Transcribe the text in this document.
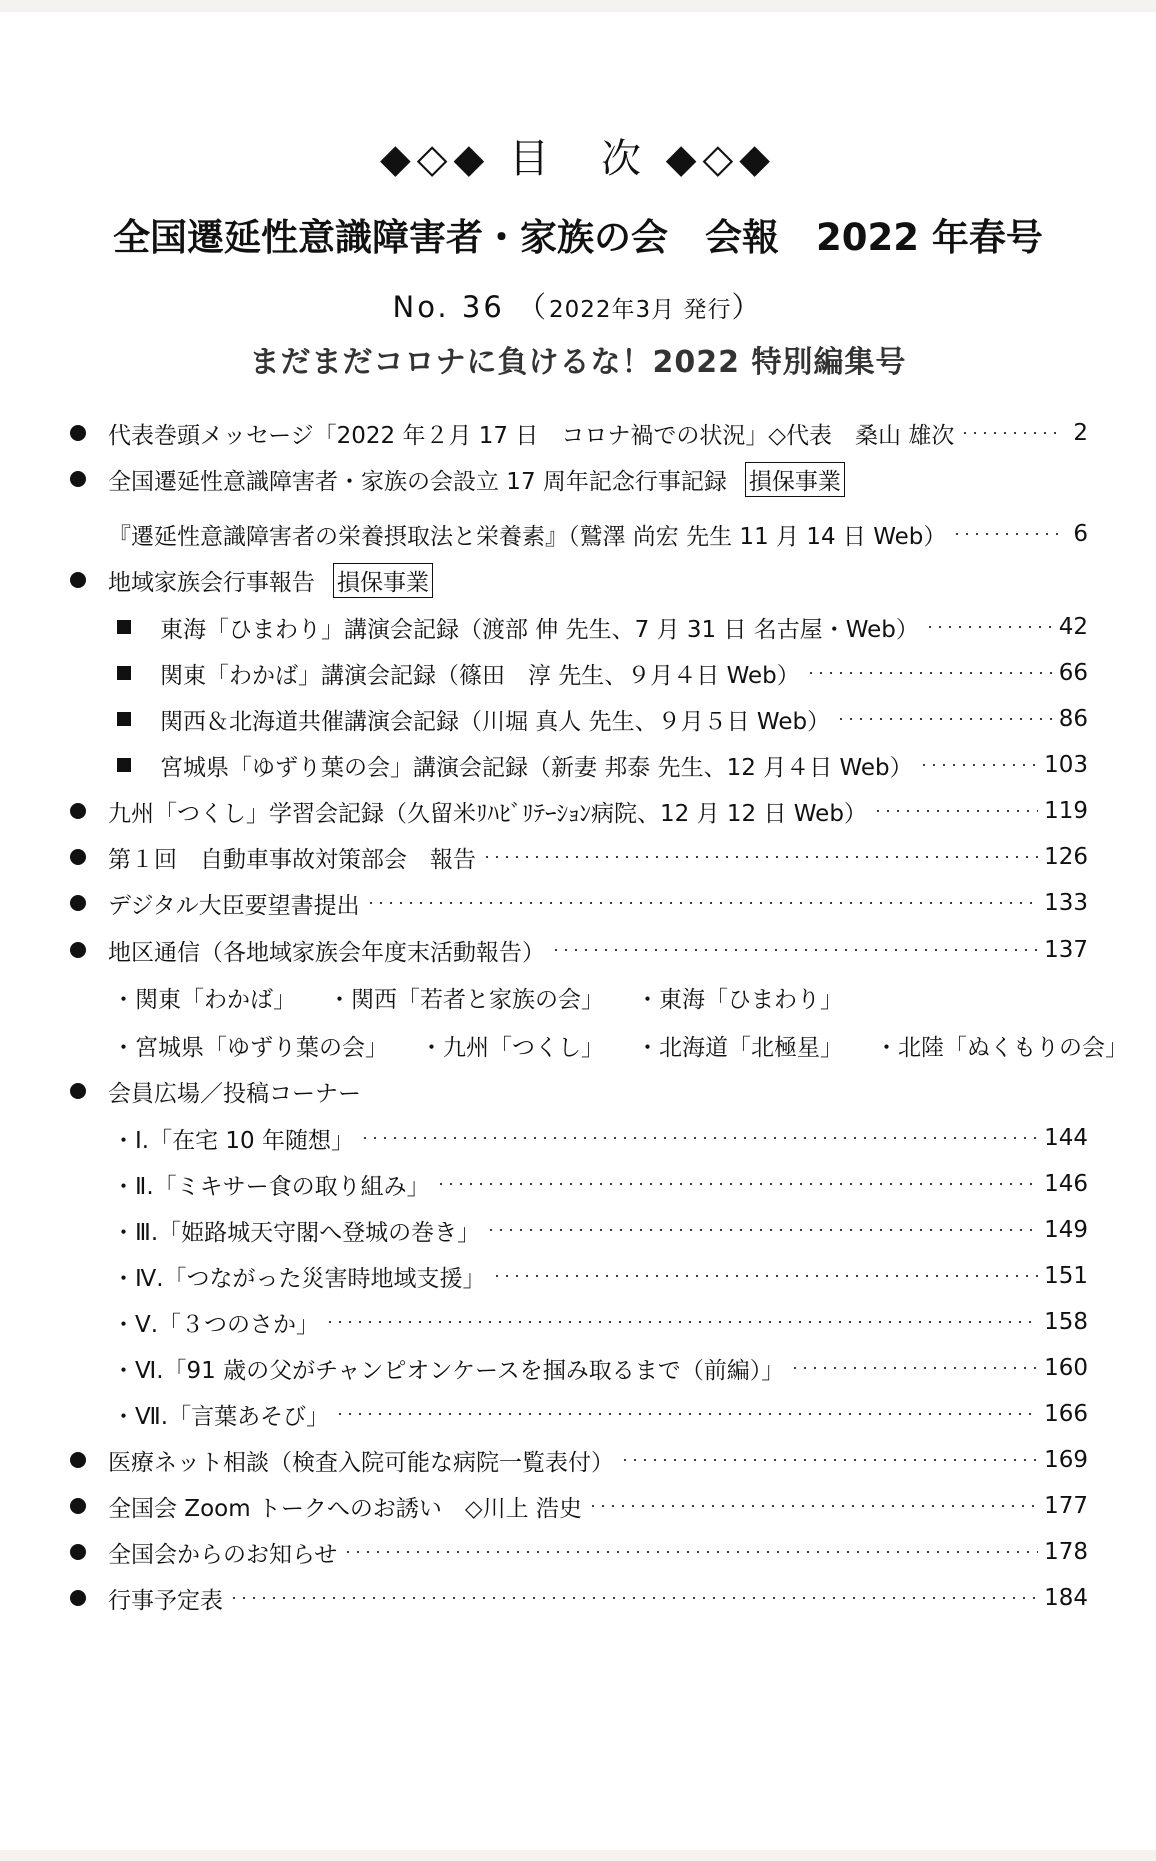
◆◇◆ 目　次 ◆◇◆
全国遷延性意識障害者・家族の会　会報　2022 年春号
No. 36 （2022年3月 発行）
まだまだコロナに負けるな！2022 特別編集号
代表巻頭メッセージ「2022 年２月 17 日　コロナ禍での状況」◇代表　桑山 雄次	2
全国遷延性意識障害者・家族の会設立 17 周年記念行事記録 損保事業
『遷延性意識障害者の栄養摂取法と栄養素』（鷲澤 尚宏 先生 11 月 14 日 Web）	6
地域家族会行事報告 損保事業
東海「ひまわり」講演会記録（渡部 伸 先生、7 月 31 日 名古屋・Web）	42
関東「わかば」講演会記録（篠田　淳 先生、９月４日 Web）	66
関西＆北海道共催講演会記録（川堀 真人 先生、９月５日 Web）	86
宮城県「ゆずり葉の会」講演会記録（新妻 邦泰 先生、12 月４日 Web）	103
九州「つくし」学習会記録（久留米ﾘﾊﾋﾞﾘﾃｰｼｮﾝ病院、12 月 12 日 Web）	119
第１回　自動車事故対策部会　報告	126
デジタル大臣要望書提出	133
地区通信（各地域家族会年度末活動報告）	137
・関東「わかば」 ・関西「若者と家族の会」 ・東海「ひまわり」
・宮城県「ゆずり葉の会」 ・九州「つくし」 ・北海道「北極星」 ・北陸「ぬくもりの会」
会員広場／投稿コーナー
・Ⅰ.「在宅 10 年随想」	144
・Ⅱ.「ミキサー食の取り組み」	146
・Ⅲ.「姫路城天守閣へ登城の巻き」	149
・Ⅳ.「つながった災害時地域支援」	151
・Ⅴ.「３つのさか」	158
・Ⅵ.「91 歳の父がチャンピオンケースを掴み取るまで（前編）」	160
・Ⅶ.「言葉あそび」	166
医療ネット相談（検査入院可能な病院一覧表付）	169
全国会 Zoom トークへのお誘い　◇川上 浩史	177
全国会からのお知らせ	178
行事予定表	184
